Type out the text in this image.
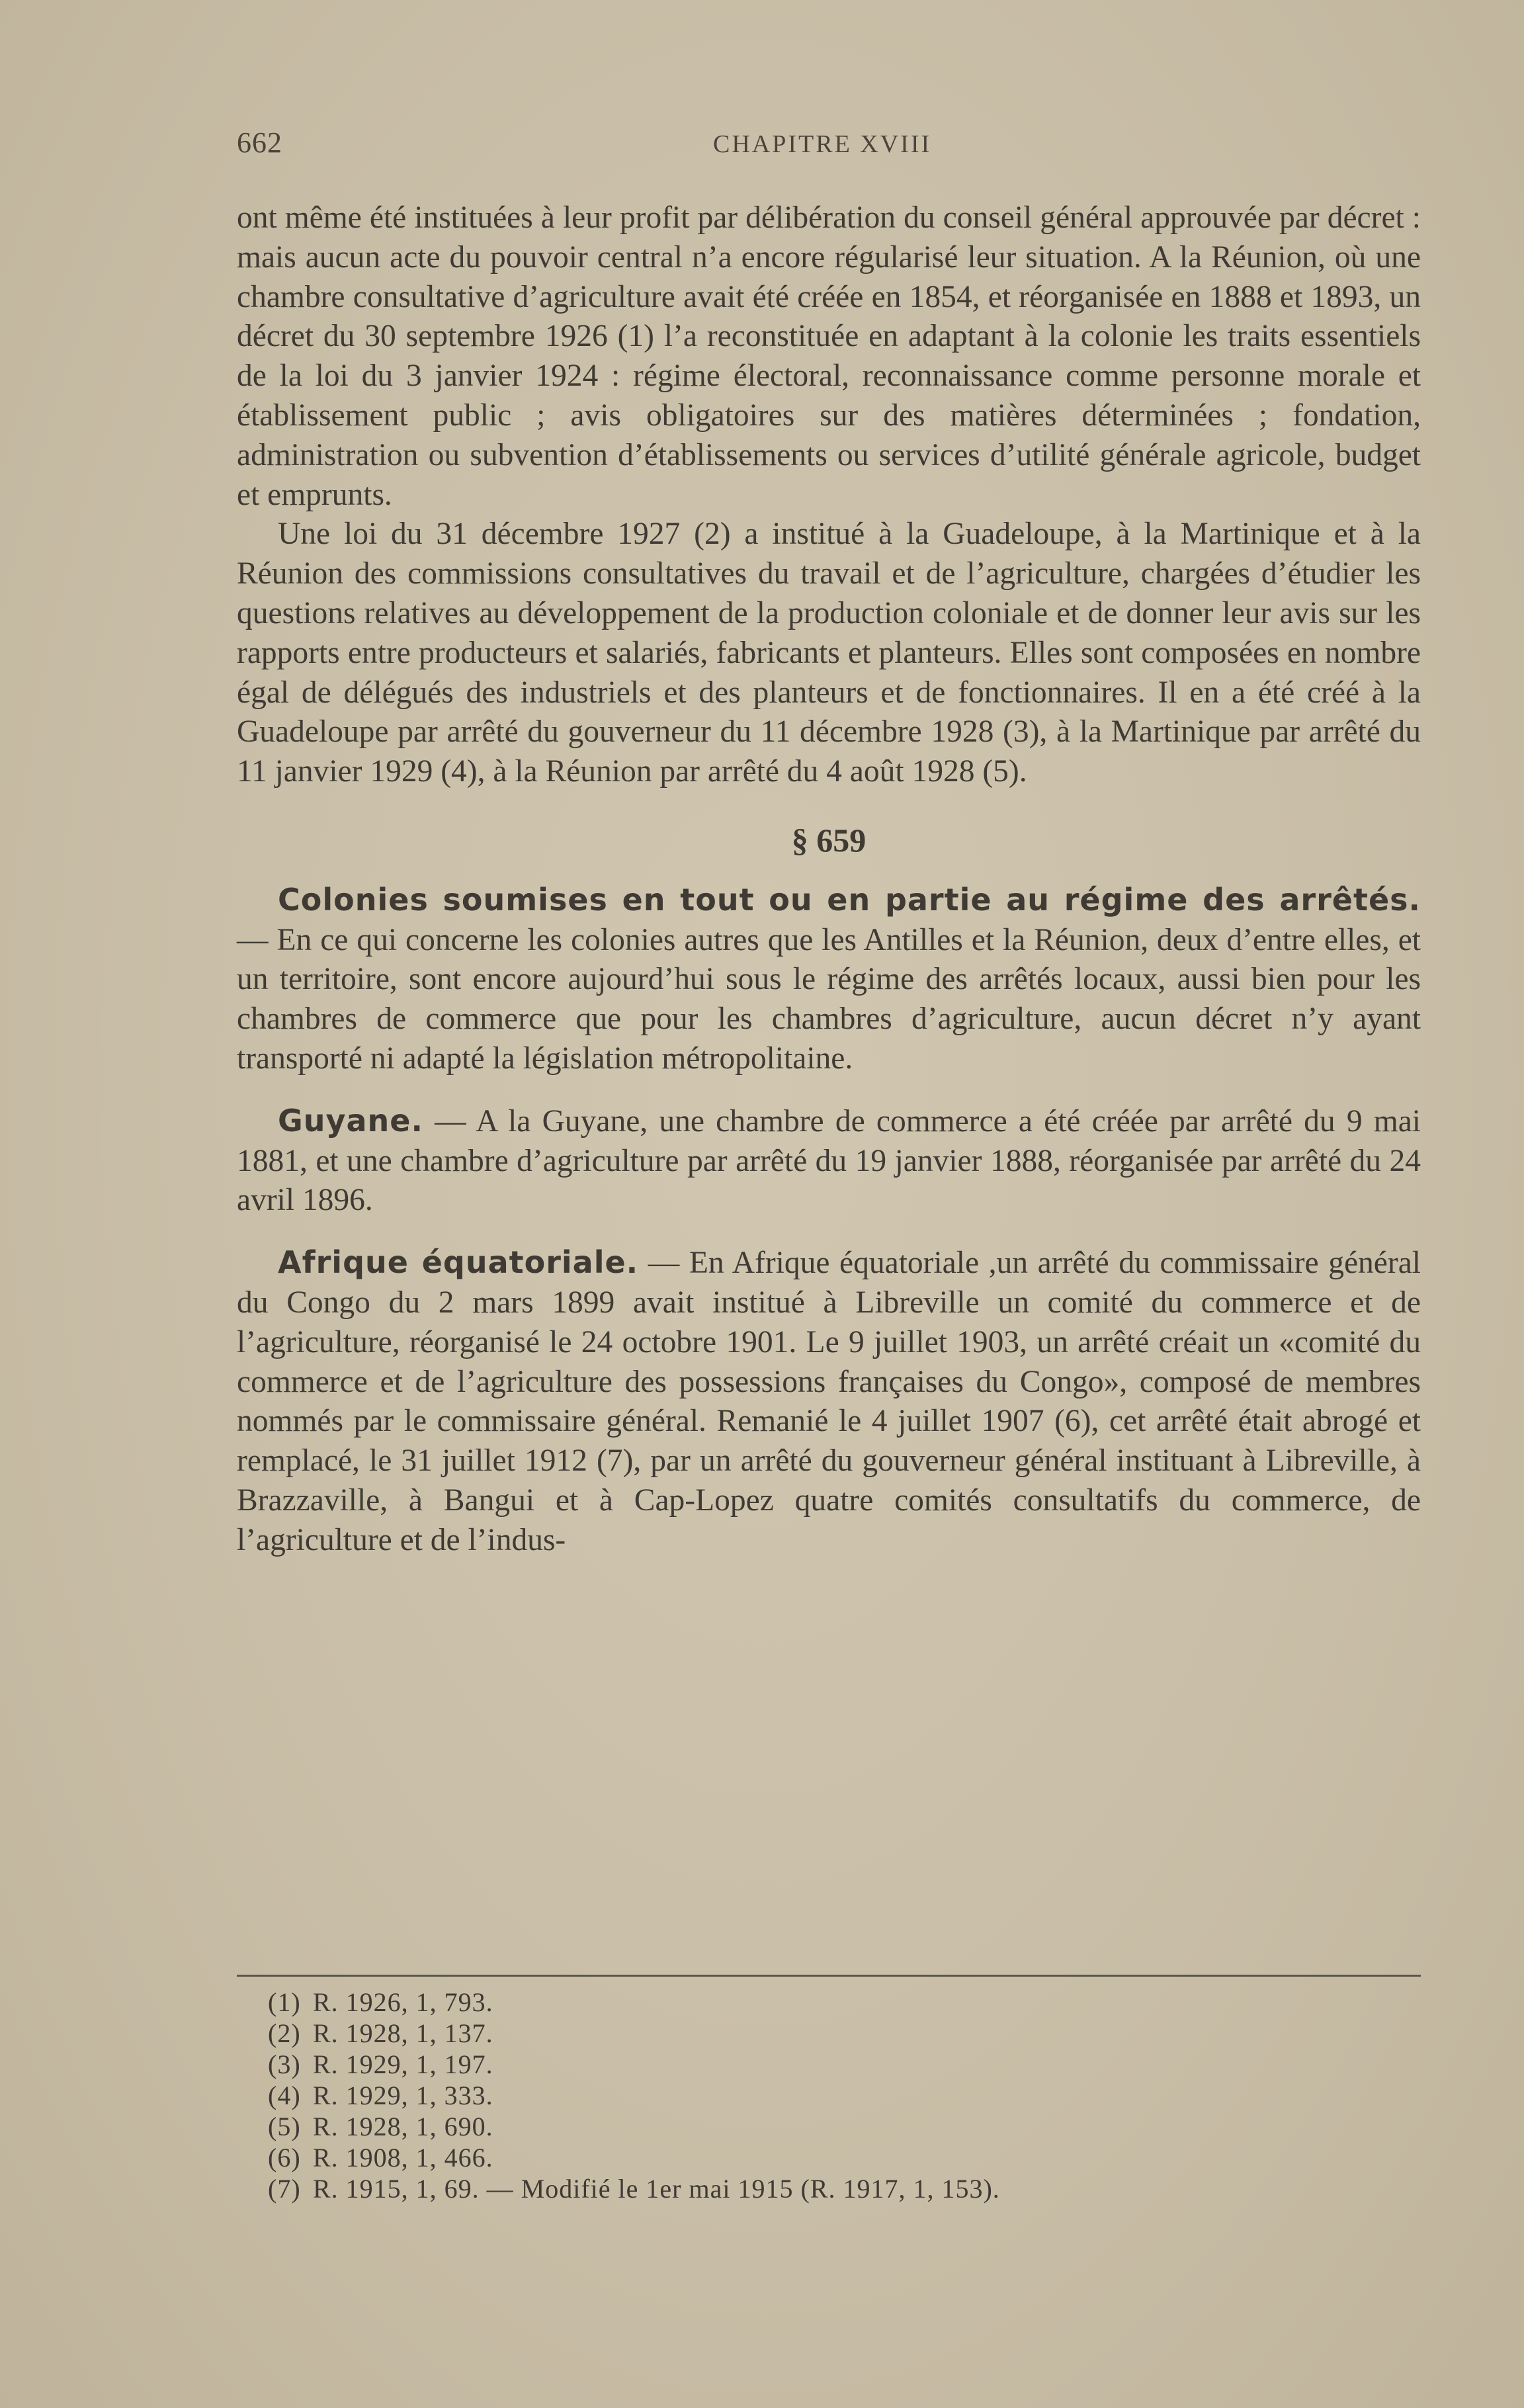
662	CHAPITRE XVIII

ont même été instituées à leur profit par délibération du conseil général approuvée par décret : mais aucun acte du pouvoir central n’a encore régularisé leur situation. A la Réunion, où une chambre consultative d’agriculture avait été créée en 1854, et réorganisée en 1888 et 1893, un décret du 30 septembre 1926 (1) l’a reconstituée en adaptant à la colonie les traits essentiels de la loi du 3 janvier 1924 : régime électoral, reconnaissance comme personne morale et établissement public ; avis obligatoires sur des matières déterminées ; fondation, administration ou subvention d’établissements ou services d’utilité générale agricole, budget et emprunts.

Une loi du 31 décembre 1927 (2) a institué à la Guadeloupe, à la Martinique et à la Réunion des commissions consultatives du travail et de l’agriculture, chargées d’étudier les questions relatives au développement de la production coloniale et de donner leur avis sur les rapports entre producteurs et salariés, fabricants et planteurs. Elles sont composées en nombre égal de délégués des industriels et des planteurs et de fonctionnaires. Il en a été créé à la Guadeloupe par arrêté du gouverneur du 11 décembre 1928 (3), à la Martinique par arrêté du 11 janvier 1929 (4), à la Réunion par arrêté du 4 août 1928 (5).

§ 659

Colonies soumises en tout ou en partie au régime des arrêtés. — En ce qui concerne les colonies autres que les Antilles et la Réunion, deux d’entre elles, et un territoire, sont encore aujourd’hui sous le régime des arrêtés locaux, aussi bien pour les chambres de commerce que pour les chambres d’agriculture, aucun décret n’y ayant transporté ni adapté la législation métropolitaine.

Guyane. — A la Guyane, une chambre de commerce a été créée par arrêté du 9 mai 1881, et une chambre d’agriculture par arrêté du 19 janvier 1888, réorganisée par arrêté du 24 avril 1896.

Afrique équatoriale. — En Afrique équatoriale ,un arrêté du commissaire général du Congo du 2 mars 1899 avait institué à Libreville un comité du commerce et de l’agriculture, réorganisé le 24 octobre 1901. Le 9 juillet 1903, un arrêté créait un «comité du commerce et de l’agriculture des possessions françaises du Congo», composé de membres nommés par le commissaire général. Remanié le 4 juillet 1907 (6), cet arrêté était abrogé et remplacé, le 31 juillet 1912 (7), par un arrêté du gouverneur général instituant à Libreville, à Brazzaville, à Bangui et à Cap-Lopez quatre comités consultatifs du commerce, de l’agriculture et de l’indus-

(1) R. 1926, 1, 793.
(2) R. 1928, 1, 137.
(3) R. 1929, 1, 197.
(4) R. 1929, 1, 333.
(5) R. 1928, 1, 690.
(6) R. 1908, 1, 466.
(7) R. 1915, 1, 69. — Modifié le 1er mai 1915 (R. 1917, 1, 153).
